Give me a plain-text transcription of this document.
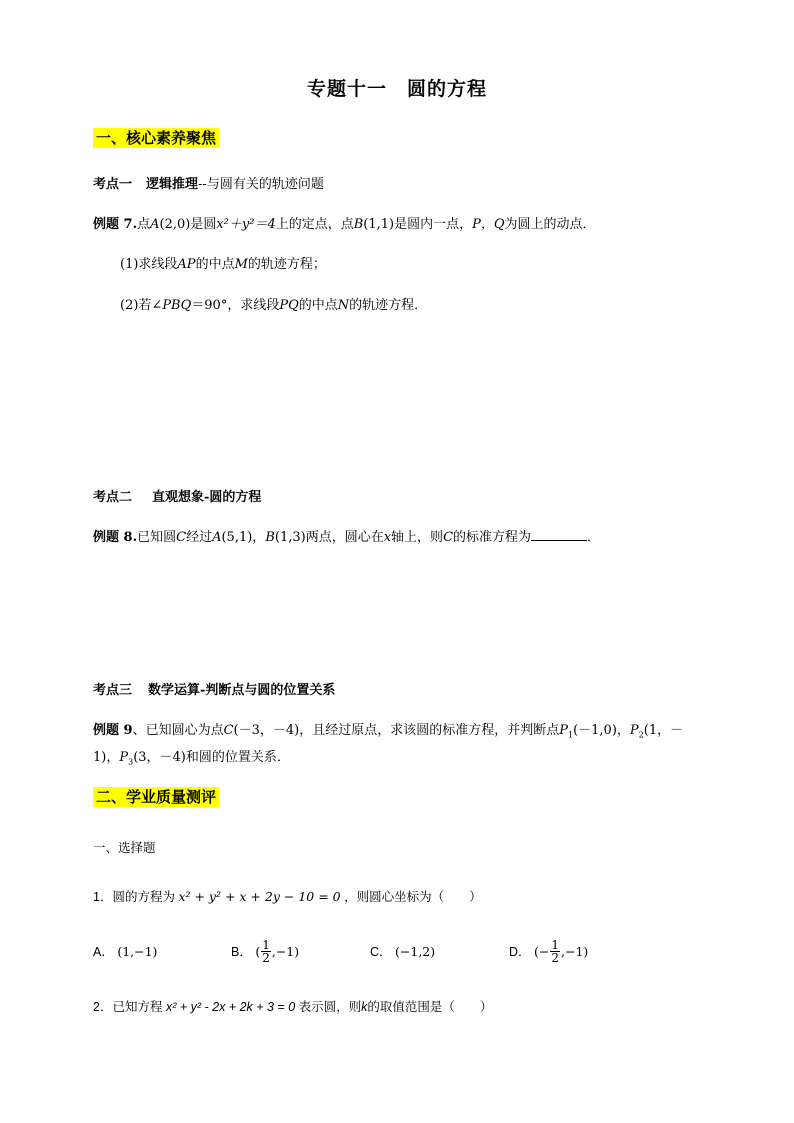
专题十一　圆的方程
一、核心素养聚焦
考点一 逻辑推理--与圆有关的轨迹问题
例题 7.点A(2,0)是圆x²＋y²＝4上的定点，点B(1,1)是圆内一点，P，Q为圆上的动点．
(1)求线段AP的中点M的轨迹方程；
(2)若∠PBQ＝90°，求线段PQ的中点N的轨迹方程．
考点二 直观想象-圆的方程
例题 8.已知圆C经过A(5,1)，B(1,3)两点，圆心在x轴上，则C的标准方程为	．
考点三 数学运算-判断点与圆的位置关系
例题 9、已知圆心为点C(－3，－4)，且经过原点，求该圆的标准方程，并判断点$P_1(-1,0)$，$P_2(1$，－
1)，$P_3(3$，－4)和圆的位置关系．
二、学业质量测评
一、选择题
1．圆的方程为 x² + y² + x + 2y − 10 = 0 ，则圆心坐标为（　　）
A．
(1,−1)	B．
( $\frac{1}{2} ,-1$)	C．
(−1,2)	D．
(− $\frac{1}{2} ,-1$)
2．已知方程 x² + y² - 2x + 2k + 3 = 0 表示圆，则k的取值范围是（　　）
